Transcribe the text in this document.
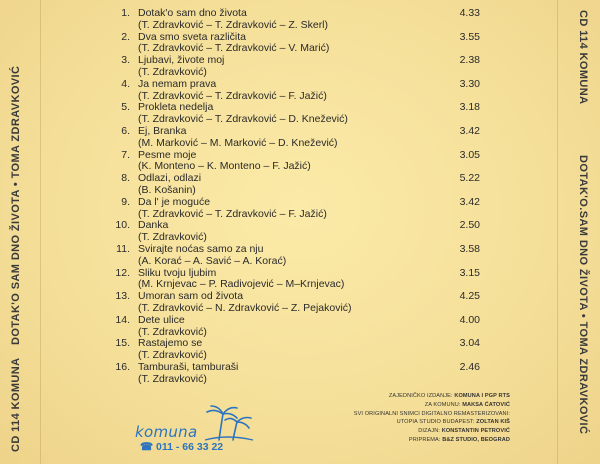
CD 114 KOMUNA
DOTAK'O SAM DNO ŽIVOTA • TOMA ZDRAVKOVIĆ
CD 114 KOMUNA
DOTAK'O.SAM DNO ŽIVOTA • TOMA ZDRAVKOVIĆ
1. Dotak'o sam dno života
(T. Zdravković – T. Zdravković – Z. Skerl)
4.33
2. Dva smo sveta različita
(T. Zdravković – T. Zdravković – V. Marić)
3.55
3. Ljubavi, živote moj
(T. Zdravković)
2.38
4. Ja nemam prava
(T. Zdravković – T. Zdravković – F. Jažić)
3.30
5. Prokleta nedelja
(T. Zdravković – T. Zdravković – D. Knežević)
3.18
6. Ej, Branka
(M. Marković – M. Marković – D. Knežević)
3.42
7. Pesme moje
(K. Monteno – K. Monteno – F. Jažić)
3.05
8. Odlazi, odlazi
(B. Košanin)
5.22
9. Da l' je moguće
(T. Zdravković – T. Zdravković – F. Jažić)
3.42
10. Danka
(T. Zdravković)
2.50
11. Svirajte noćas samo za nju
(A. Korać – A. Savić – A. Korać)
3.58
12. Sliku tvoju ljubim
(M. Krnjevac – P. Radivojević – M–Krnjevac)
3.15
13. Umoran sam od života
(T. Zdravković – N. Zdravković – Z. Pejaković)
4.25
14. Dete ulice
(T. Zdravković)
4.00
15. Rastajemo se
(T. Zdravković)
3.04
16. Tamburaši, tamburaši
(T. Zdravković)
2.46
komuna
☎ 011 - 66 33 22
ZAJEDNIČKO IZDANJE: KOMUNA I PGP RTS
ZA KOMUNU: MAKSA ĆATOVIĆ
SVI ORIGINALNI SNIMCI DIGITALNO REMASTERIZOVANI:
UTOPIA STUDIO BUDAPEST: ZOLTAN KIŠ
DIZAJN: KONSTANTIN PETROVIĆ
PRIPREMA: B&Z STUDIO, BEOGRAD
